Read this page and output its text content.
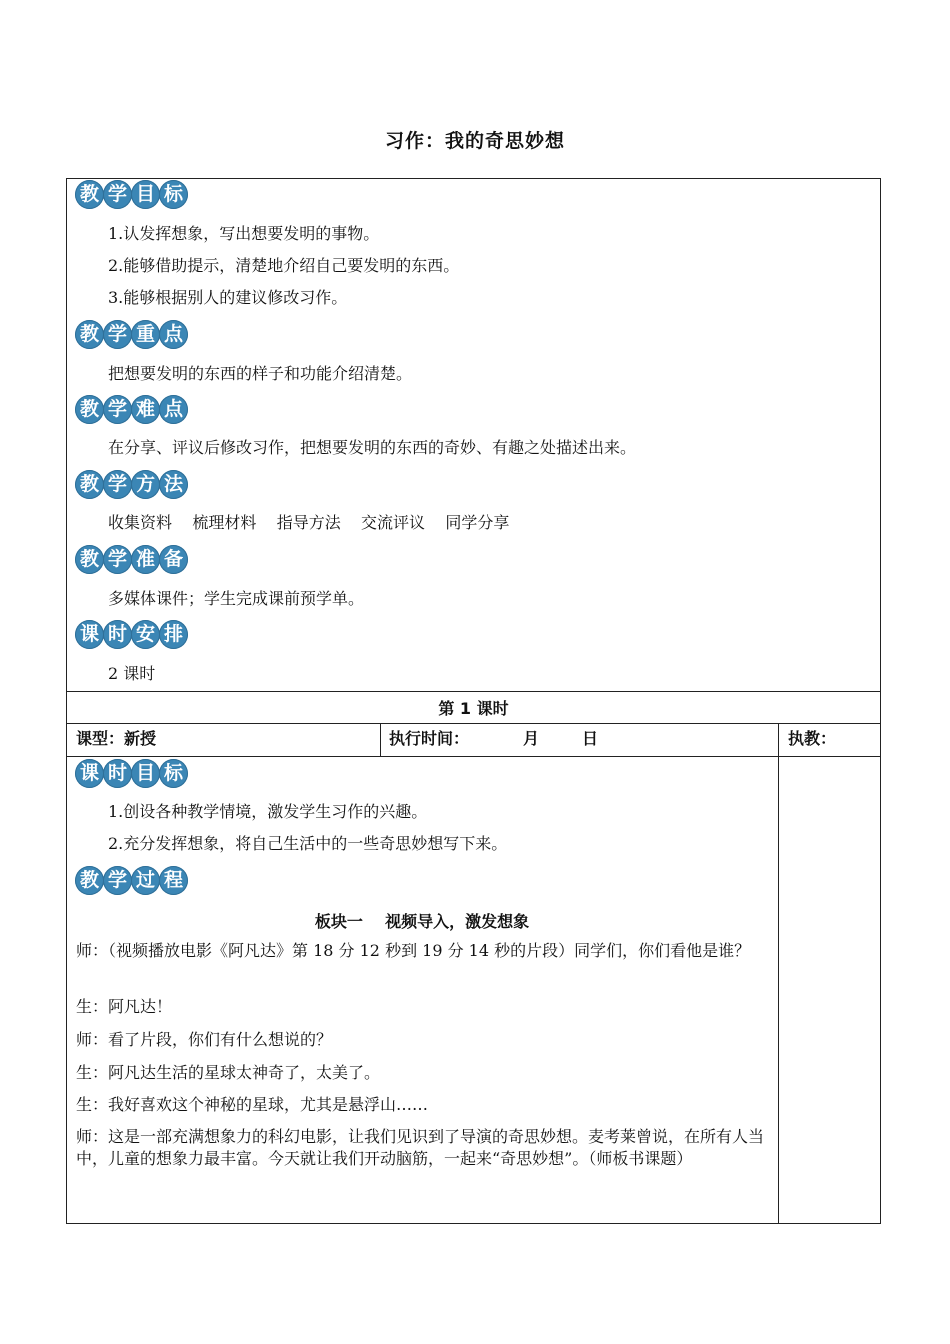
习作：我的奇思妙想
教 学 目 标
1.认发挥想象，写出想要发明的事物。
2.能够借助提示，清楚地介绍自己要发明的东西。
3.能够根据别人的建议修改习作。
教 学 重 点
把想要发明的东西的样子和功能介绍清楚。
教 学 难 点
在分享、评议后修改习作，把想要发明的东西的奇妙、有趣之处描述出来。
教 学 方 法
收集资料    梳理材料    指导方法    交流评议    同学分享
教 学 准 备
多媒体课件；学生完成课前预学单。
课 时 安 排
2 课时
第 1 课时
课型：新授	执行时间：	月	日	执教：
课 时 目 标
1.创设各种教学情境，激发学生习作的兴趣。
2.充分发挥想象，将自己生活中的一些奇思妙想写下来。
教 学 过 程
板块一    视频导入，激发想象
师：（视频播放电影《阿凡达》第 18 分 12 秒到 19 分 14 秒的片段）同学们，你们看他是谁？
生：阿凡达！
师：看了片段，你们有什么想说的？
生：阿凡达生活的星球太神奇了，太美了。
生：我好喜欢这个神秘的星球，尤其是悬浮山……
师：这是一部充满想象力的科幻电影，让我们见识到了导演的奇思妙想。麦考莱曾说，在所有人当中，儿童的想象力最丰富。今天就让我们开动脑筋，一起来“奇思妙想”。（师板书课题）
